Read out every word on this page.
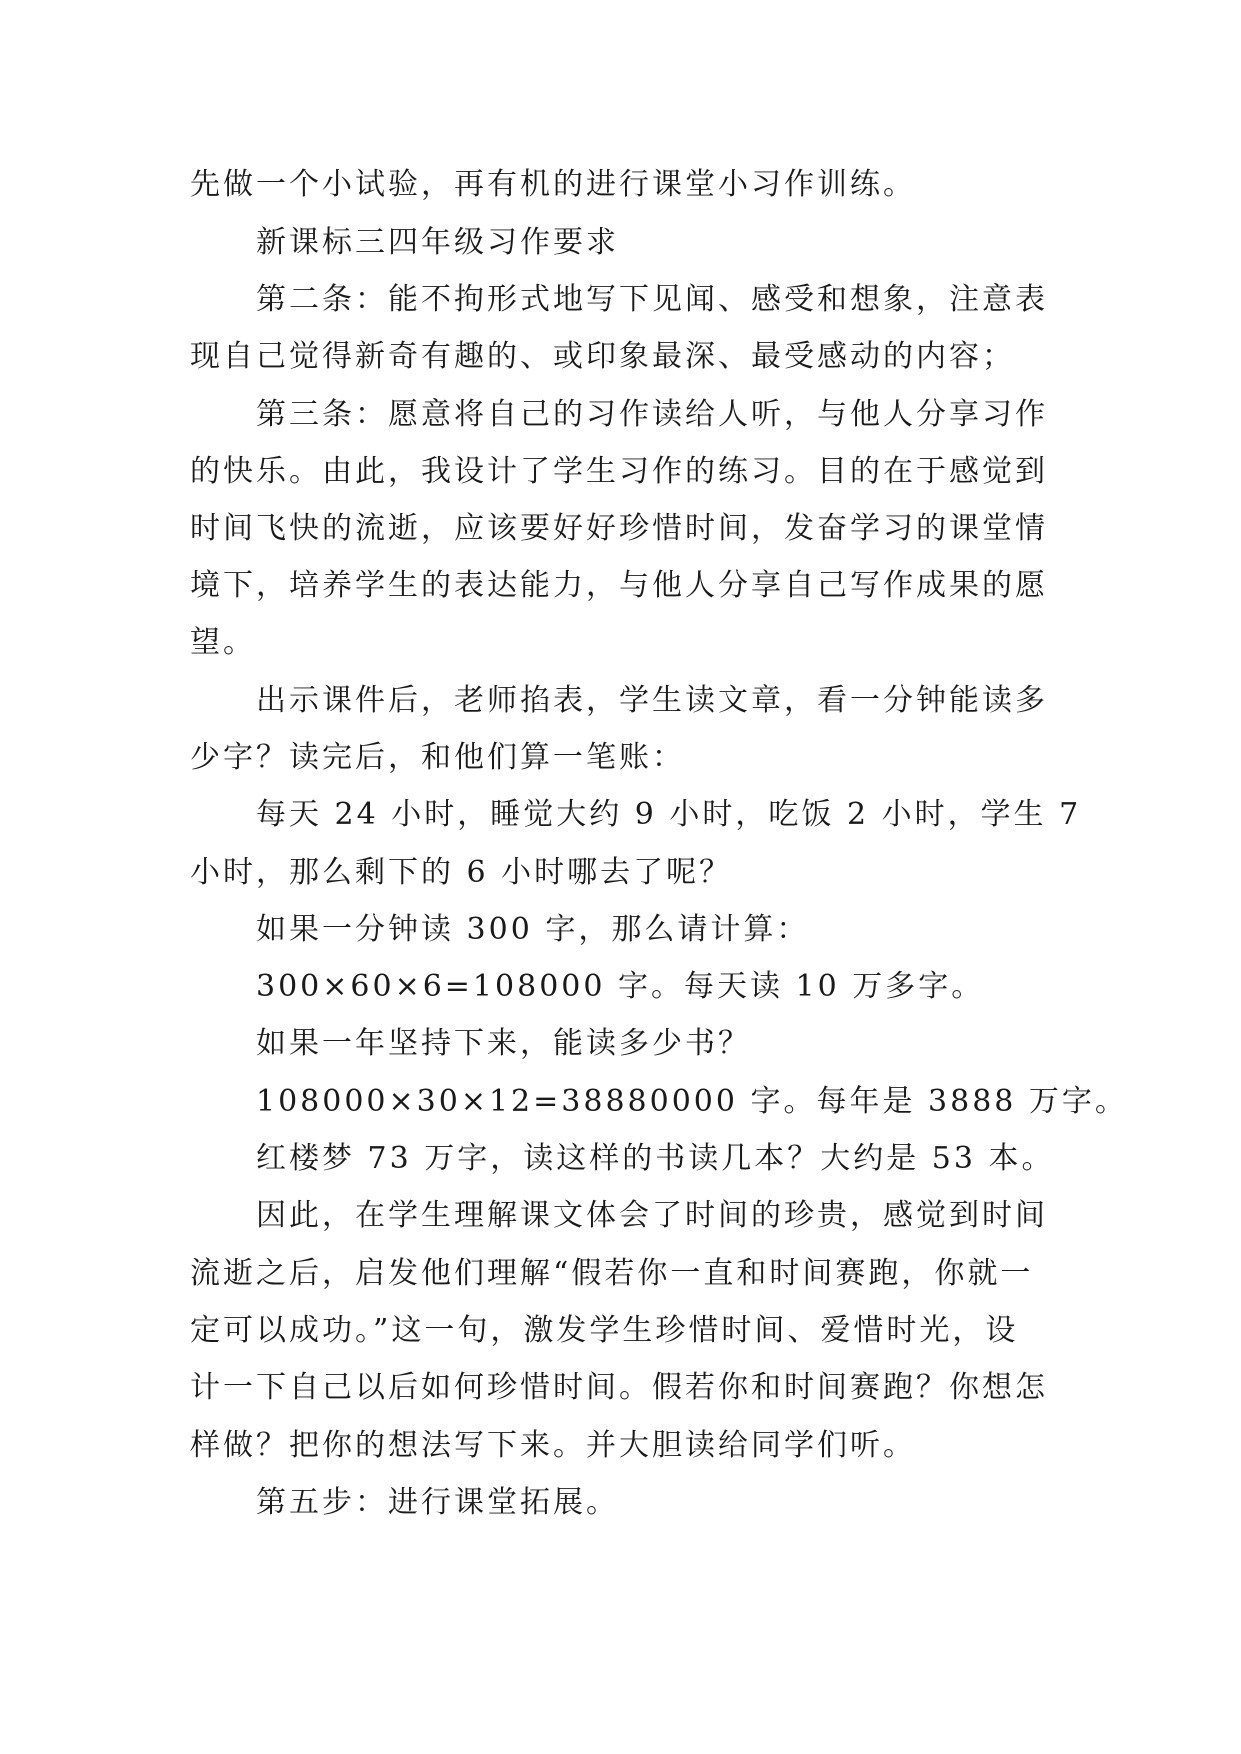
先做一个小试验，再有机的进行课堂小习作训练。
新课标三四年级习作要求
第二条：能不拘形式地写下见闻、感受和想象，注意表
现自己觉得新奇有趣的、或印象最深、最受感动的内容；
第三条：愿意将自己的习作读给人听，与他人分享习作
的快乐。由此，我设计了学生习作的练习。目的在于感觉到
时间飞快的流逝，应该要好好珍惜时间，发奋学习的课堂情
境下，培养学生的表达能力，与他人分享自己写作成果的愿
望。
出示课件后，老师掐表，学生读文章，看一分钟能读多
少字？读完后，和他们算一笔账：
每天 24 小时，睡觉大约 9 小时，吃饭 2 小时，学生 7
小时，那么剩下的 6 小时哪去了呢？
如果一分钟读 300 字，那么请计算：
300×60×6=108000 字。每天读 10 万多字。
如果一年坚持下来，能读多少书？
108000×30×12=38880000 字。每年是 3888 万字。
红楼梦 73 万字，读这样的书读几本？大约是 53 本。
因此，在学生理解课文体会了时间的珍贵，感觉到时间
流逝之后，启发他们理解“假若你一直和时间赛跑，你就一
定可以成功。”这一句，激发学生珍惜时间、爱惜时光，设
计一下自己以后如何珍惜时间。假若你和时间赛跑？你想怎
样做？把你的想法写下来。并大胆读给同学们听。
第五步：进行课堂拓展。
